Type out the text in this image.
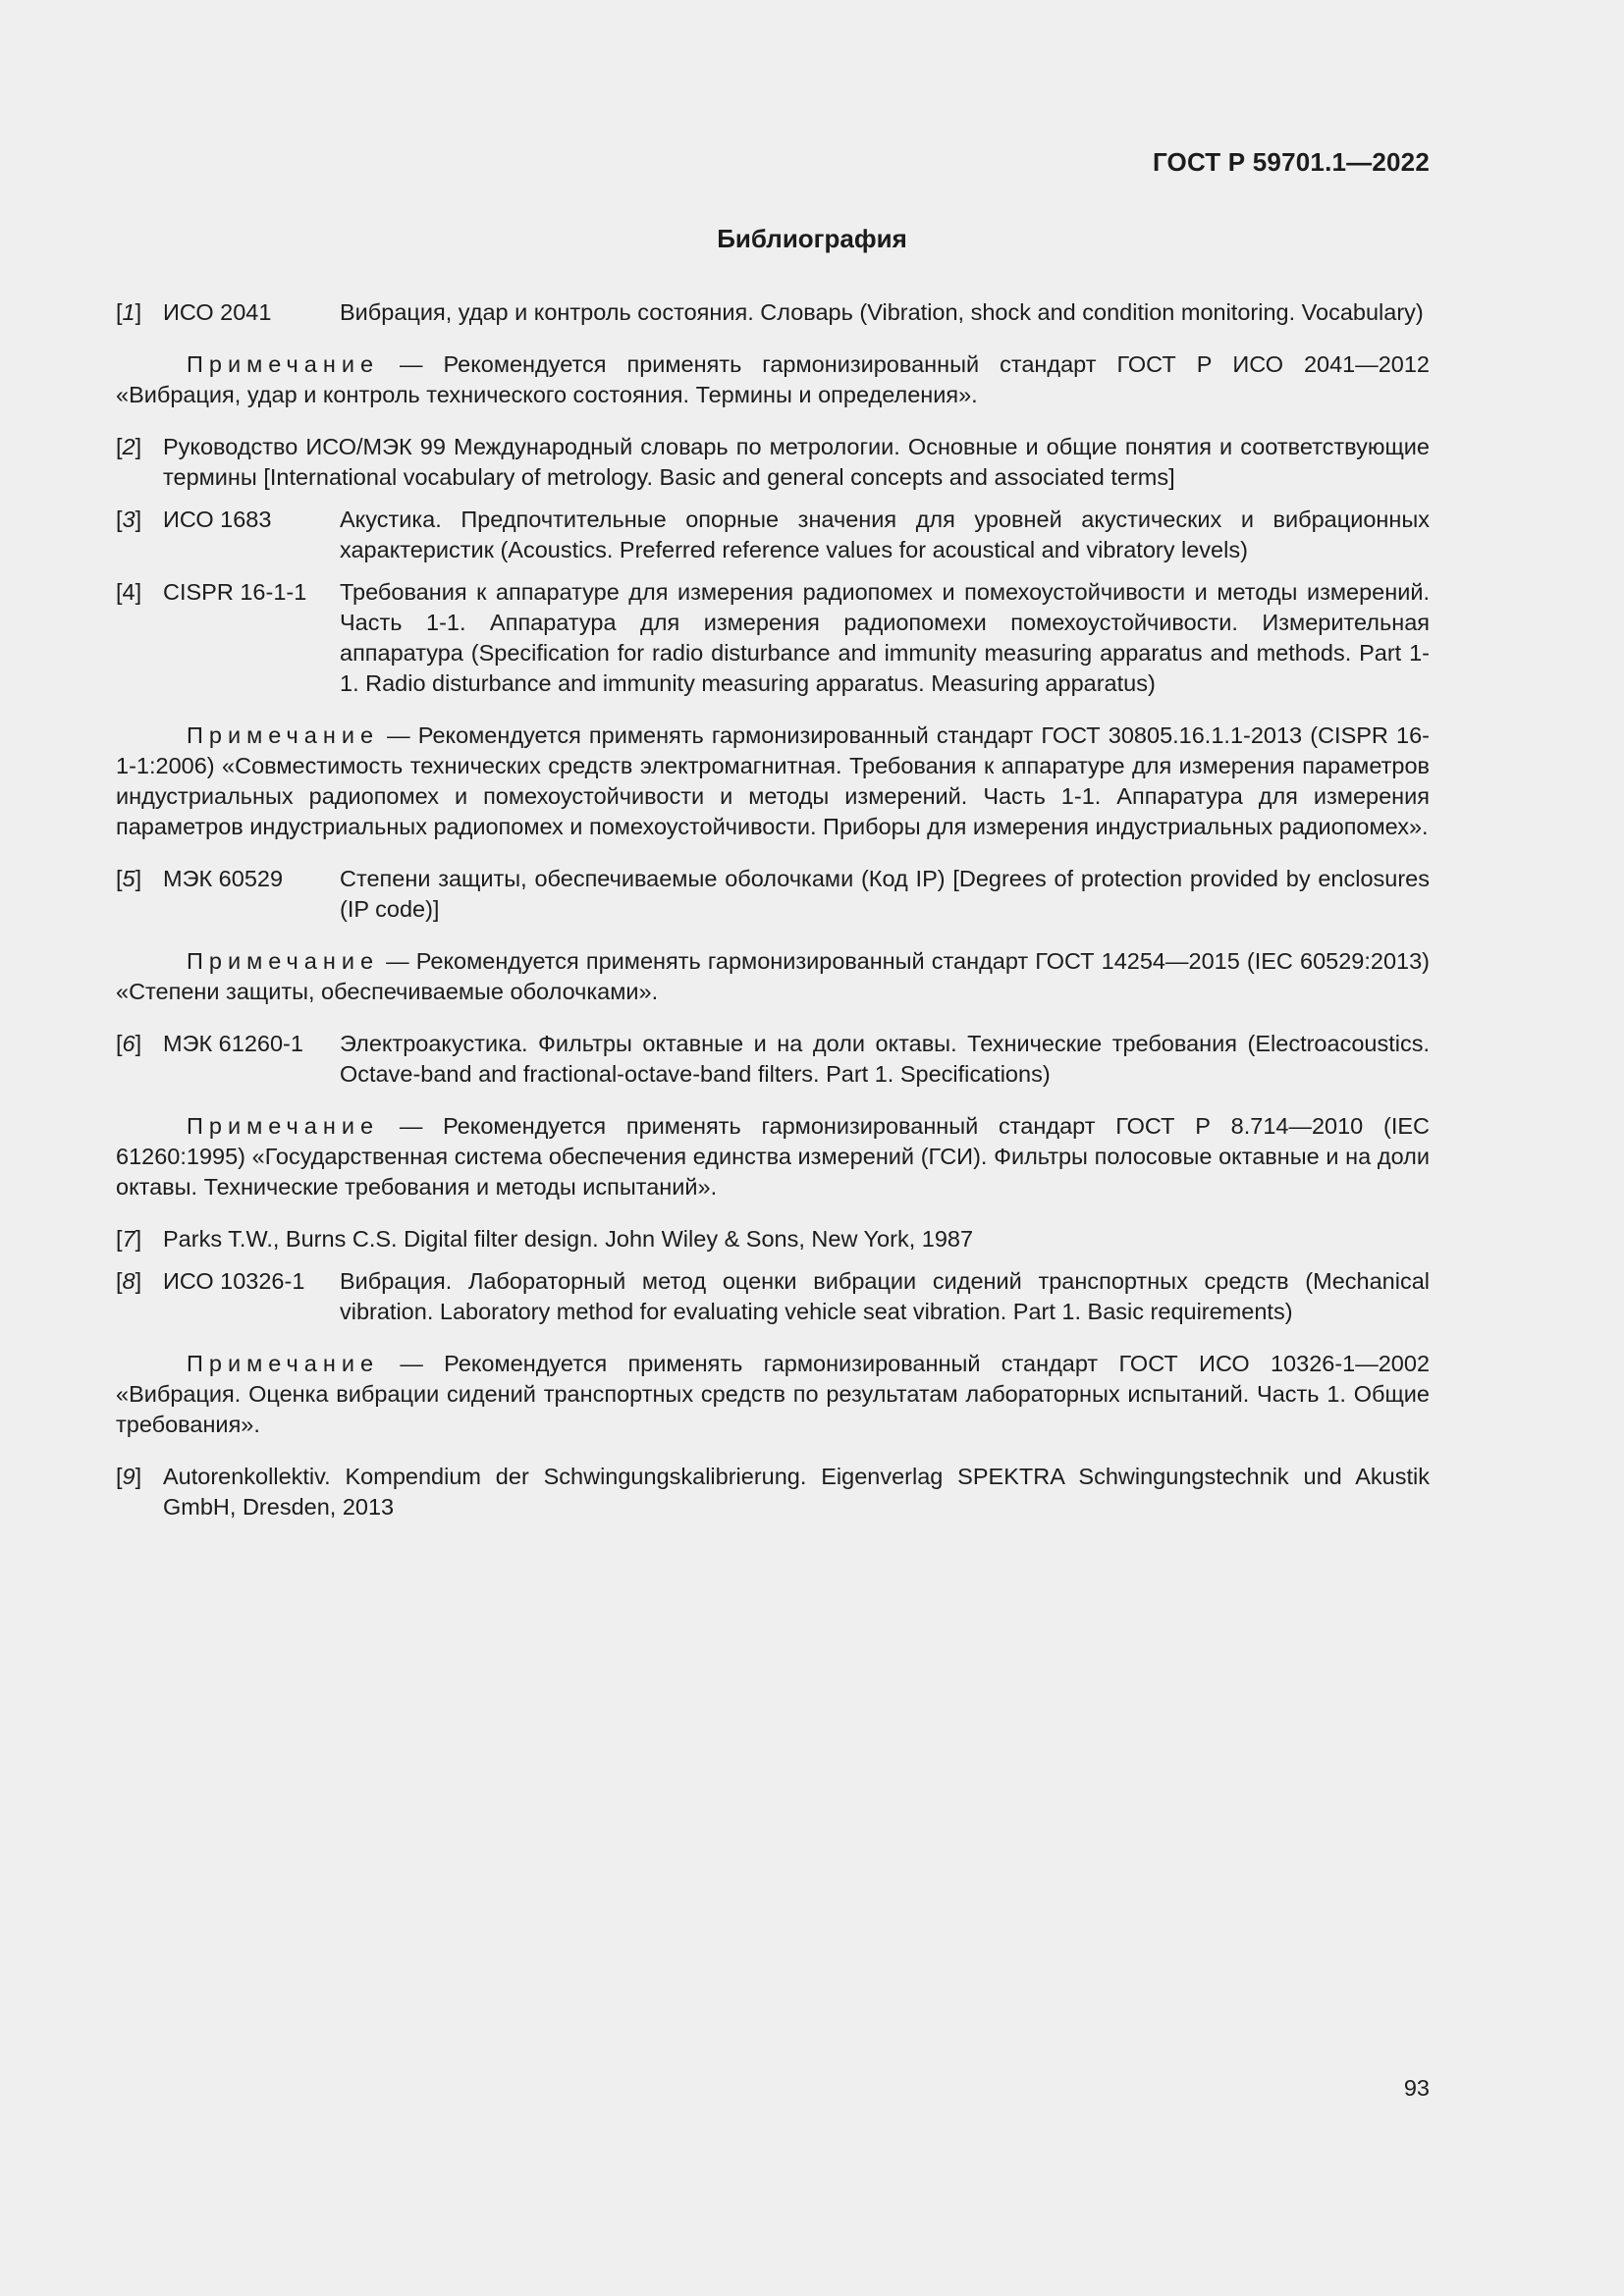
ГОСТ Р 59701.1—2022
Библиография
[1] ИСО 2041	Вибрация, удар и контроль состояния. Словарь (Vibration, shock and condition monitoring. Vocabulary)
Примечание — Рекомендуется применять гармонизированный стандарт ГОСТ Р ИСО 2041—2012 «Вибрация, удар и контроль технического состояния. Термины и определения».
[2] Руководство ИСО/МЭК 99 Международный словарь по метрологии. Основные и общие понятия и соответствующие термины [International vocabulary of metrology. Basic and general concepts and associated terms]
[3] ИСО 1683	Акустика. Предпочтительные опорные значения для уровней акустических и вибрационных характеристик (Acoustics. Preferred reference values for acoustical and vibratory levels)
[4] CISPR 16-1-1	Требования к аппаратуре для измерения радиопомех и помехоустойчивости и методы измерений. Часть 1-1. Аппаратура для измерения радиопомехи помехоустойчивости. Измерительная аппаратура (Specification for radio disturbance and immunity measuring apparatus and methods. Part 1-1. Radio disturbance and immunity measuring apparatus. Measuring apparatus)
Примечание — Рекомендуется применять гармонизированный стандарт ГОСТ 30805.16.1.1-2013 (CISPR 16-1-1:2006) «Совместимость технических средств электромагнитная. Требования к аппаратуре для измерения параметров индустриальных радиопомех и помехоустойчивости и методы измерений. Часть 1-1. Аппаратура для измерения параметров индустриальных радиопомех и помехоустойчивости. Приборы для измерения индустриальных радиопомех».
[5] МЭК 60529	Степени защиты, обеспечиваемые оболочками (Код IP) [Degrees of protection provided by enclosures (IP code)]
Примечание — Рекомендуется применять гармонизированный стандарт ГОСТ 14254—2015 (IEC 60529:2013) «Степени защиты, обеспечиваемые оболочками».
[6] МЭК 61260-1	Электроакустика. Фильтры октавные и на доли октавы. Технические требования (Electroacoustics. Octave-band and fractional-octave-band filters. Part 1. Specifications)
Примечание — Рекомендуется применять гармонизированный стандарт ГОСТ Р 8.714—2010 (IEC 61260:1995) «Государственная система обеспечения единства измерений (ГСИ). Фильтры полосовые октавные и на доли октавы. Технические требования и методы испытаний».
[7] Parks T.W., Burns C.S. Digital filter design. John Wiley & Sons, New York, 1987
[8] ИСО 10326-1	Вибрация. Лабораторный метод оценки вибрации сидений транспортных средств (Mechanical vibration. Laboratory method for evaluating vehicle seat vibration. Part 1. Basic requirements)
Примечание — Рекомендуется применять гармонизированный стандарт ГОСТ ИСО 10326-1—2002 «Вибрация. Оценка вибрации сидений транспортных средств по результатам лабораторных испытаний. Часть 1. Общие требования».
[9] Autorenkollektiv. Kompendium der Schwingungskalibrierung. Eigenverlag SPEKTRA Schwingungstechnik und Akustik GmbH, Dresden, 2013
93
